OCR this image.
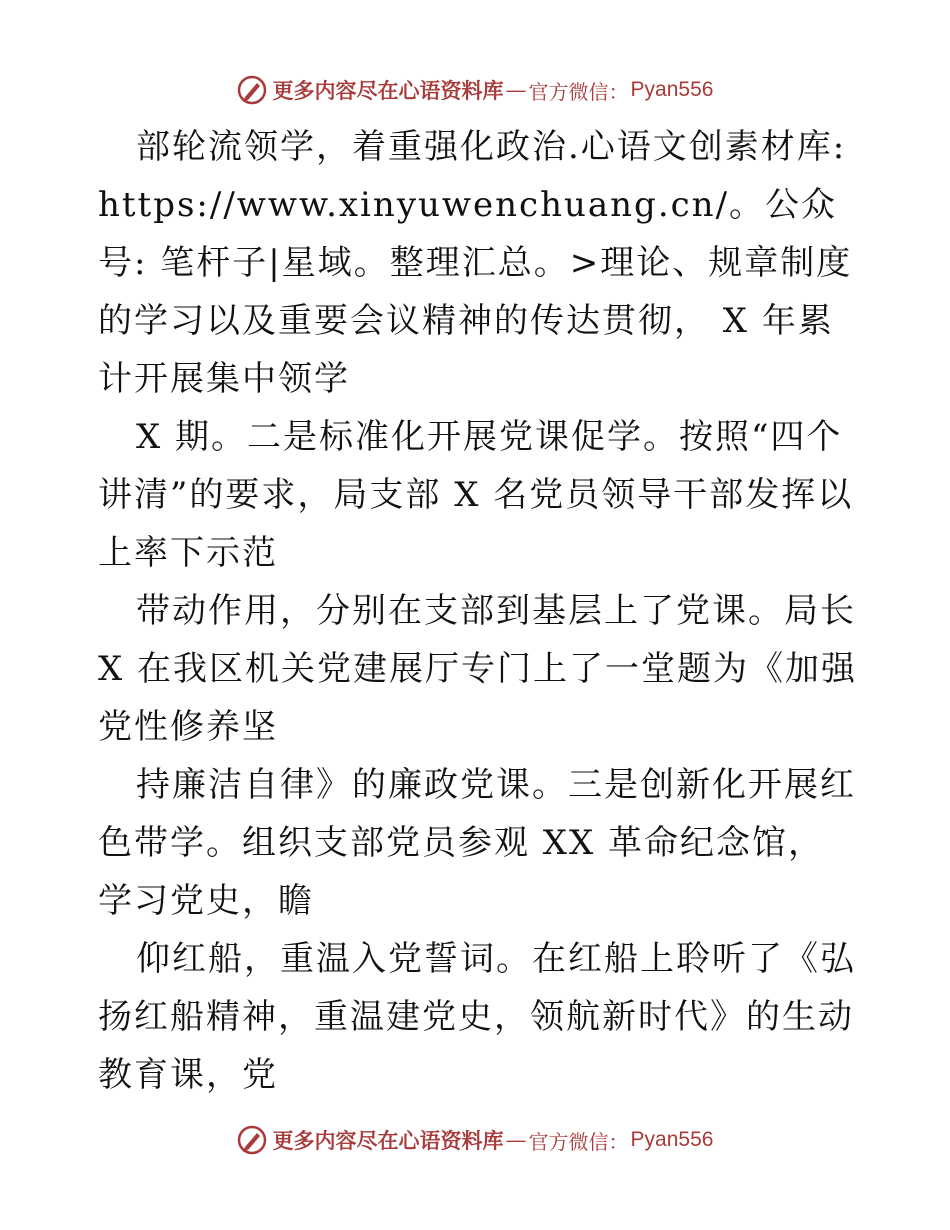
更多内容尽在心语资料库 — 官方微信： Pyan556

部轮流领学，着重强化政治.心语文创素材库: https://www.xinyuwenchuang.cn/。公众号: 笔杆子|星域。整理汇总。>理论、规章制度的学习以及重要会议精神的传达贯彻， X 年累计开展集中领学

X 期。二是标准化开展党课促学。按照“四个讲清”的要求，局支部 X 名党员领导干部发挥以上率下示范

带动作用，分别在支部到基层上了党课。局长 X 在我区机关党建展厅专门上了一堂题为《加强党性修养坚

持廉洁自律》的廉政党课。三是创新化开展红色带学。组织支部党员参观 XX 革命纪念馆，学习党史，瞻

仰红船，重温入党誓词。在红船上聆听了《弘扬红船精神，重温建党史，领航新时代》的生动教育课，党

更多内容尽在心语资料库 — 官方微信： Pyan556
